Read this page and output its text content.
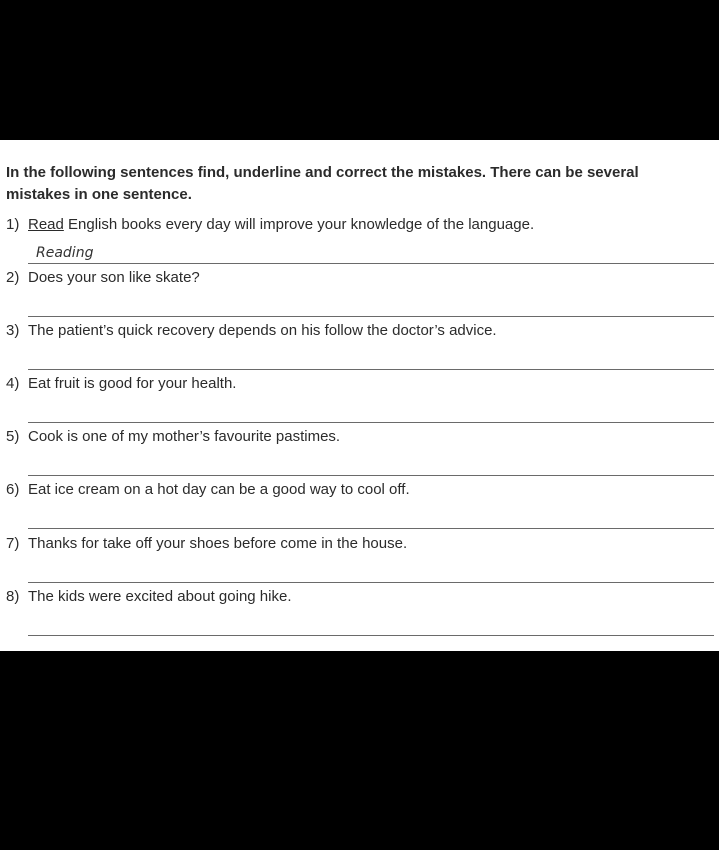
In the following sentences find, underline and correct the mistakes. There can be several mistakes in one sentence.

1) Read English books every day will improve your knowledge of the language.
Reading
2) Does your son like skate?
3) The patient’s quick recovery depends on his follow the doctor’s advice.
4) Eat fruit is good for your health.
5) Cook is one of my mother’s favourite pastimes.
6) Eat ice cream on a hot day can be a good way to cool off.
7) Thanks for take off your shoes before come in the house.
8) The kids were excited about going hike.
